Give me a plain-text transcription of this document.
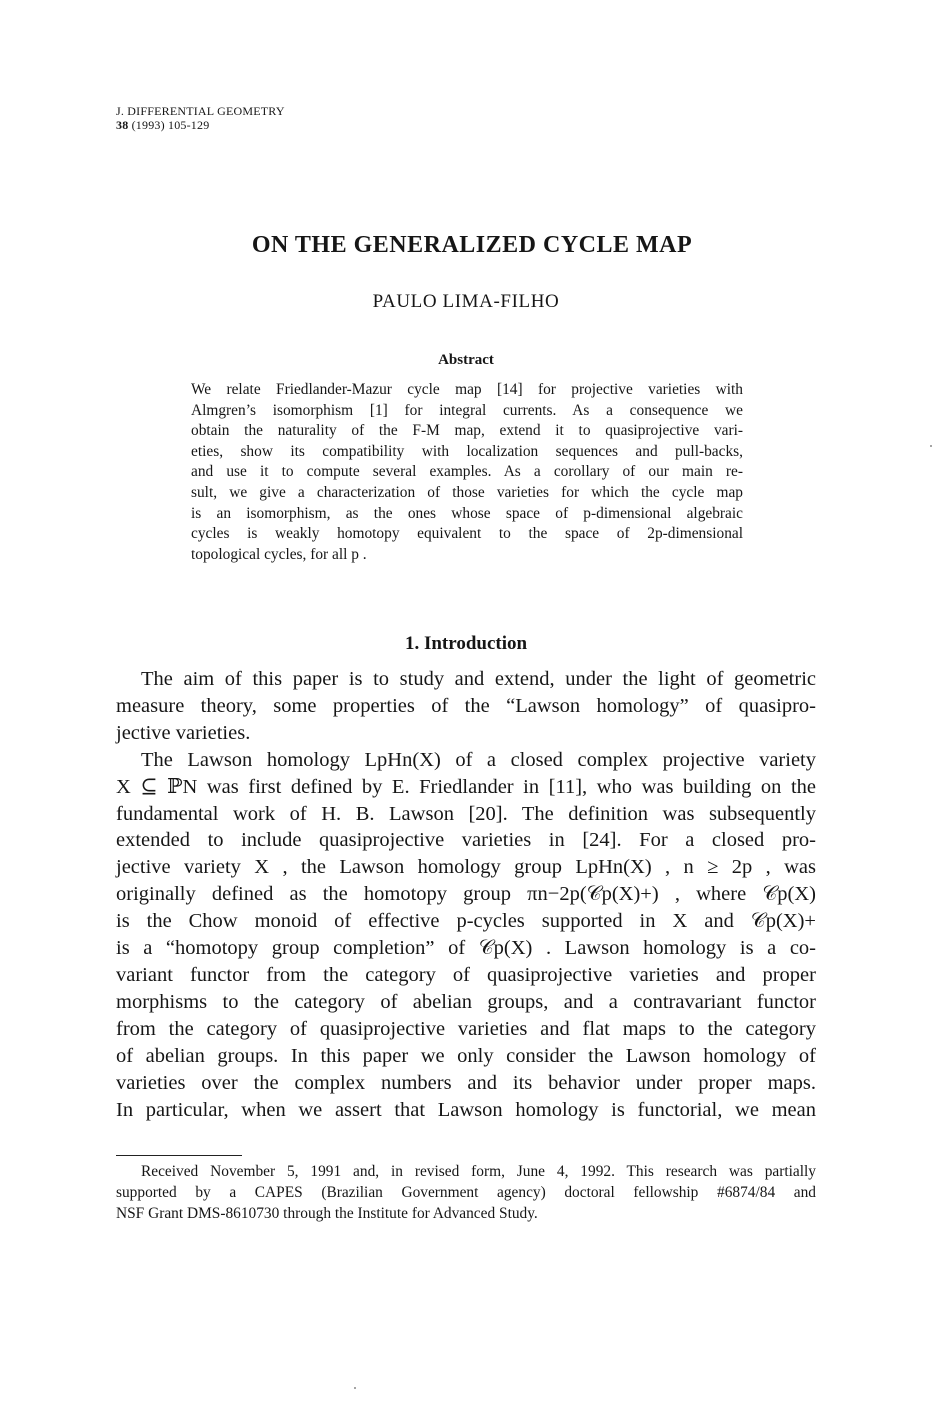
J. DIFFERENTIAL GEOMETRY
38 (1993) 105-129
ON THE GENERALIZED CYCLE MAP
PAULO LIMA-FILHO
Abstract
We relate Friedlander-Mazur cycle map [14] for projective varieties with
Almgren’s isomorphism [1] for integral currents. As a consequence we
obtain the naturality of the F-M map, extend it to quasiprojective vari-
eties, show its compatibility with localization sequences and pull-backs,
and use it to compute several examples. As a corollary of our main re-
sult, we give a characterization of those varieties for which the cycle map
is an isomorphism, as the ones whose space of p-dimensional algebraic
cycles is weakly homotopy equivalent to the space of 2p-dimensional
topological cycles, for all p .
1. Introduction
The aim of this paper is to study and extend, under the light of geometric
measure theory, some properties of the “Lawson homology” of quasipro-
jective varieties.
The Lawson homology LpHn(X) of a closed complex projective variety
X ⊆ ℙN was first defined by E. Friedlander in [11], who was building on the
fundamental work of H. B. Lawson [20]. The definition was subsequently
extended to include quasiprojective varieties in [24]. For a closed pro-
jective variety X , the Lawson homology group LpHn(X) , n ≥ 2p , was
originally defined as the homotopy group πn−2p(𝒞p(X)+) , where 𝒞p(X)
is the Chow monoid of effective p-cycles supported in X and 𝒞p(X)+
is a “homotopy group completion” of 𝒞p(X) . Lawson homology is a co-
variant functor from the category of quasiprojective varieties and proper
morphisms to the category of abelian groups, and a contravariant functor
from the category of quasiprojective varieties and flat maps to the category
of abelian groups. In this paper we only consider the Lawson homology of
varieties over the complex numbers and its behavior under proper maps.
In particular, when we assert that Lawson homology is functorial, we mean
Received November 5, 1991 and, in revised form, June 4, 1992. This research was partially
supported by a CAPES (Brazilian Government agency) doctoral fellowship #6874/84 and
NSF Grant DMS-8610730 through the Institute for Advanced Study.
